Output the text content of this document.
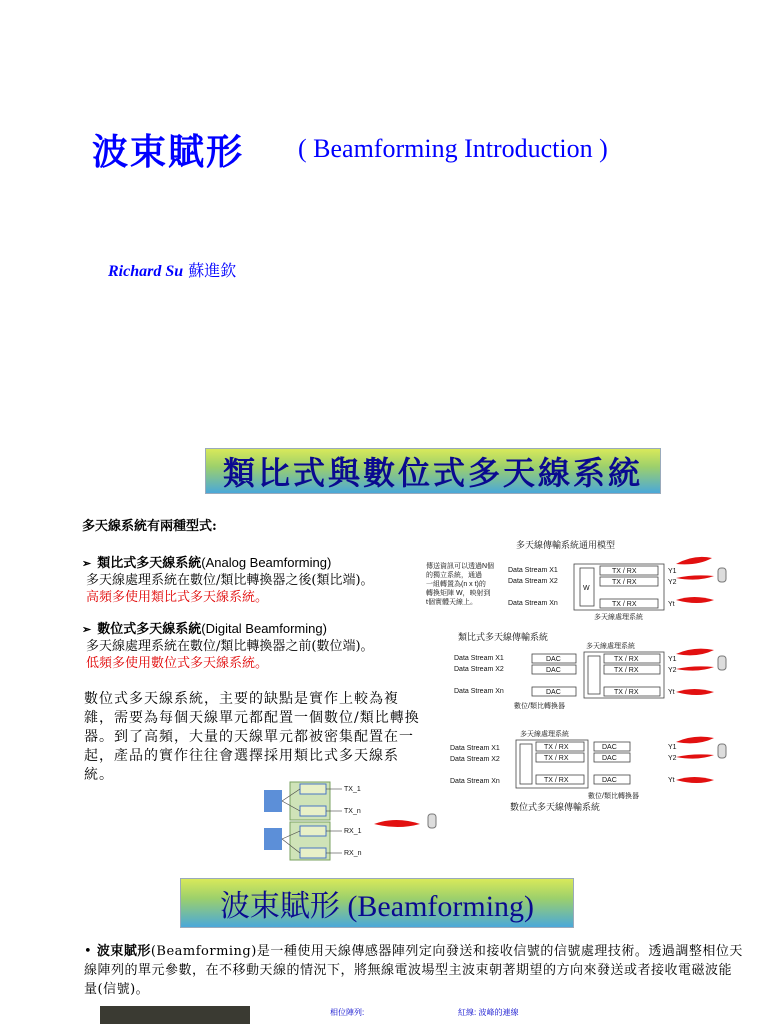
波束賦形 ( Beamforming Introduction )
Richard Su 蘇進欽
類比式與數位式多天線系統
多天線系統有兩種型式:
➢ 類比式多天線系統(Analog Beamforming)
多天線處理系統在數位/類比轉換器之後(類比端)。
高頻多使用類比式多天線系統。
➢ 數位式多天線系統(Digital Beamforming)
多天線處理系統在數位/類比轉換器之前(數位端)。
低頻多使用數位式多天線系統。
數位式多天線系統，主要的缺點是實作上較為複雜，需要為每個天線單元都配置一個數位/類比轉換器。到了高頻，大量的天線單元都被密集配置在一起，產品的實作往往會選擇採用類比式多天線系統。
TX_1
TX_n
RX_1
RX_n
多天線傳輸系統通用模型
傳送資訊可以透過N個
的獨立系統，通過
一組轉置為(n x t)的
轉換矩陣 W，映射到
t個實體天線上。
Data Stream X1
Data Stream X2
Data Stream Xn
W
TX / RX
TX / RX
TX / RX
多天線處理系統
Y1
Y2
Yt
類比式多天線傳輸系統
多天線處理系統
Data Stream X1
Data Stream X2
Data Stream Xn
DAC
DAC
DAC
TX / RX
TX / RX
TX / RX
數位/類比轉換器
Y1
Y2
Yt
多天線處理系統
Data Stream X1
Data Stream X2
Data Stream Xn
TX / RX
TX / RX
TX / RX
DAC
DAC
DAC
數位/類比轉換器
數位式多天線傳輸系統
Y1
Y2
Yt
波束賦形 (Beamforming)
• 波束賦形(Beamforming)是一種使用天線傳感器陣列定向發送和接收信號的信號處理技術。透過調整相位天線陣列的單元參數，在不移動天線的情況下，將無線電波場型主波束朝著期望的方向來發送或者接收電磁波能量(信號)。
相位陣列:	紅線: 波峰的連線
